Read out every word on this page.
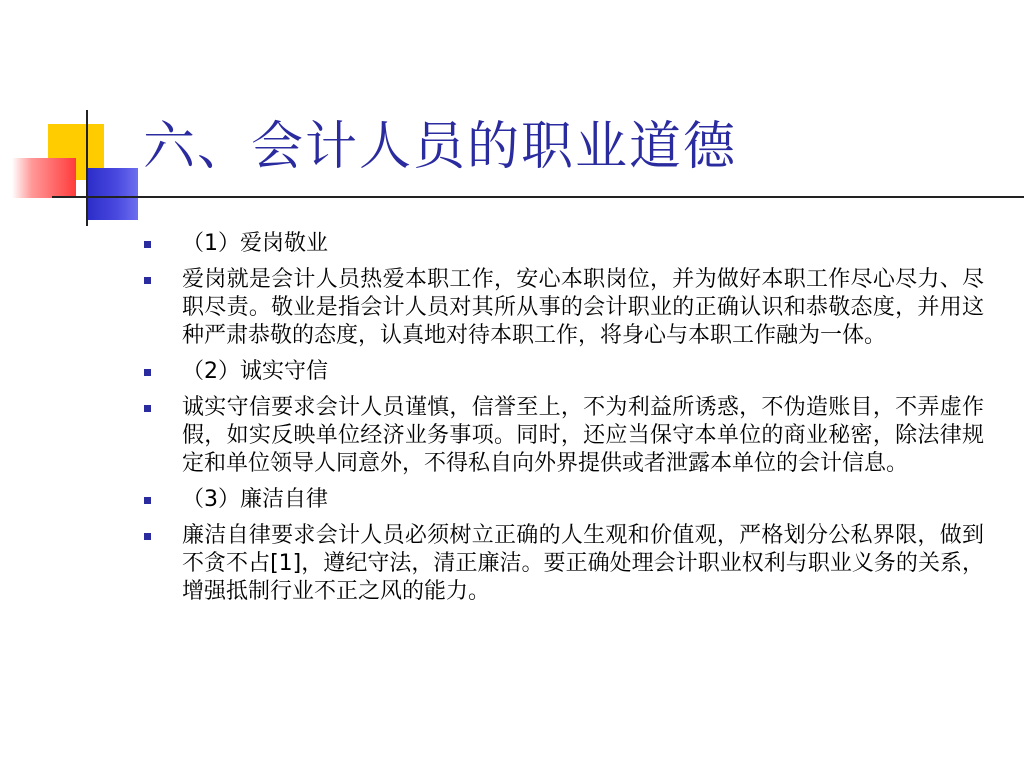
六、会计人员的职业道德
（1）爱岗敬业
爱岗就是会计人员热爱本职工作，安心本职岗位，并为做好本职工作尽心尽力、尽职尽责。敬业是指会计人员对其所从事的会计职业的正确认识和恭敬态度，并用这种严肃恭敬的态度，认真地对待本职工作，将身心与本职工作融为一体。
（2）诚实守信
诚实守信要求会计人员谨慎，信誉至上，不为利益所诱惑，不伪造账目，不弄虚作假，如实反映单位经济业务事项。同时，还应当保守本单位的商业秘密，除法律规定和单位领导人同意外，不得私自向外界提供或者泄露本单位的会计信息。
（3）廉洁自律
廉洁自律要求会计人员必须树立正确的人生观和价值观，严格划分公私界限，做到不贪不占[1]，遵纪守法，清正廉洁。要正确处理会计职业权利与职业义务的关系，增强抵制行业不正之风的能力。
